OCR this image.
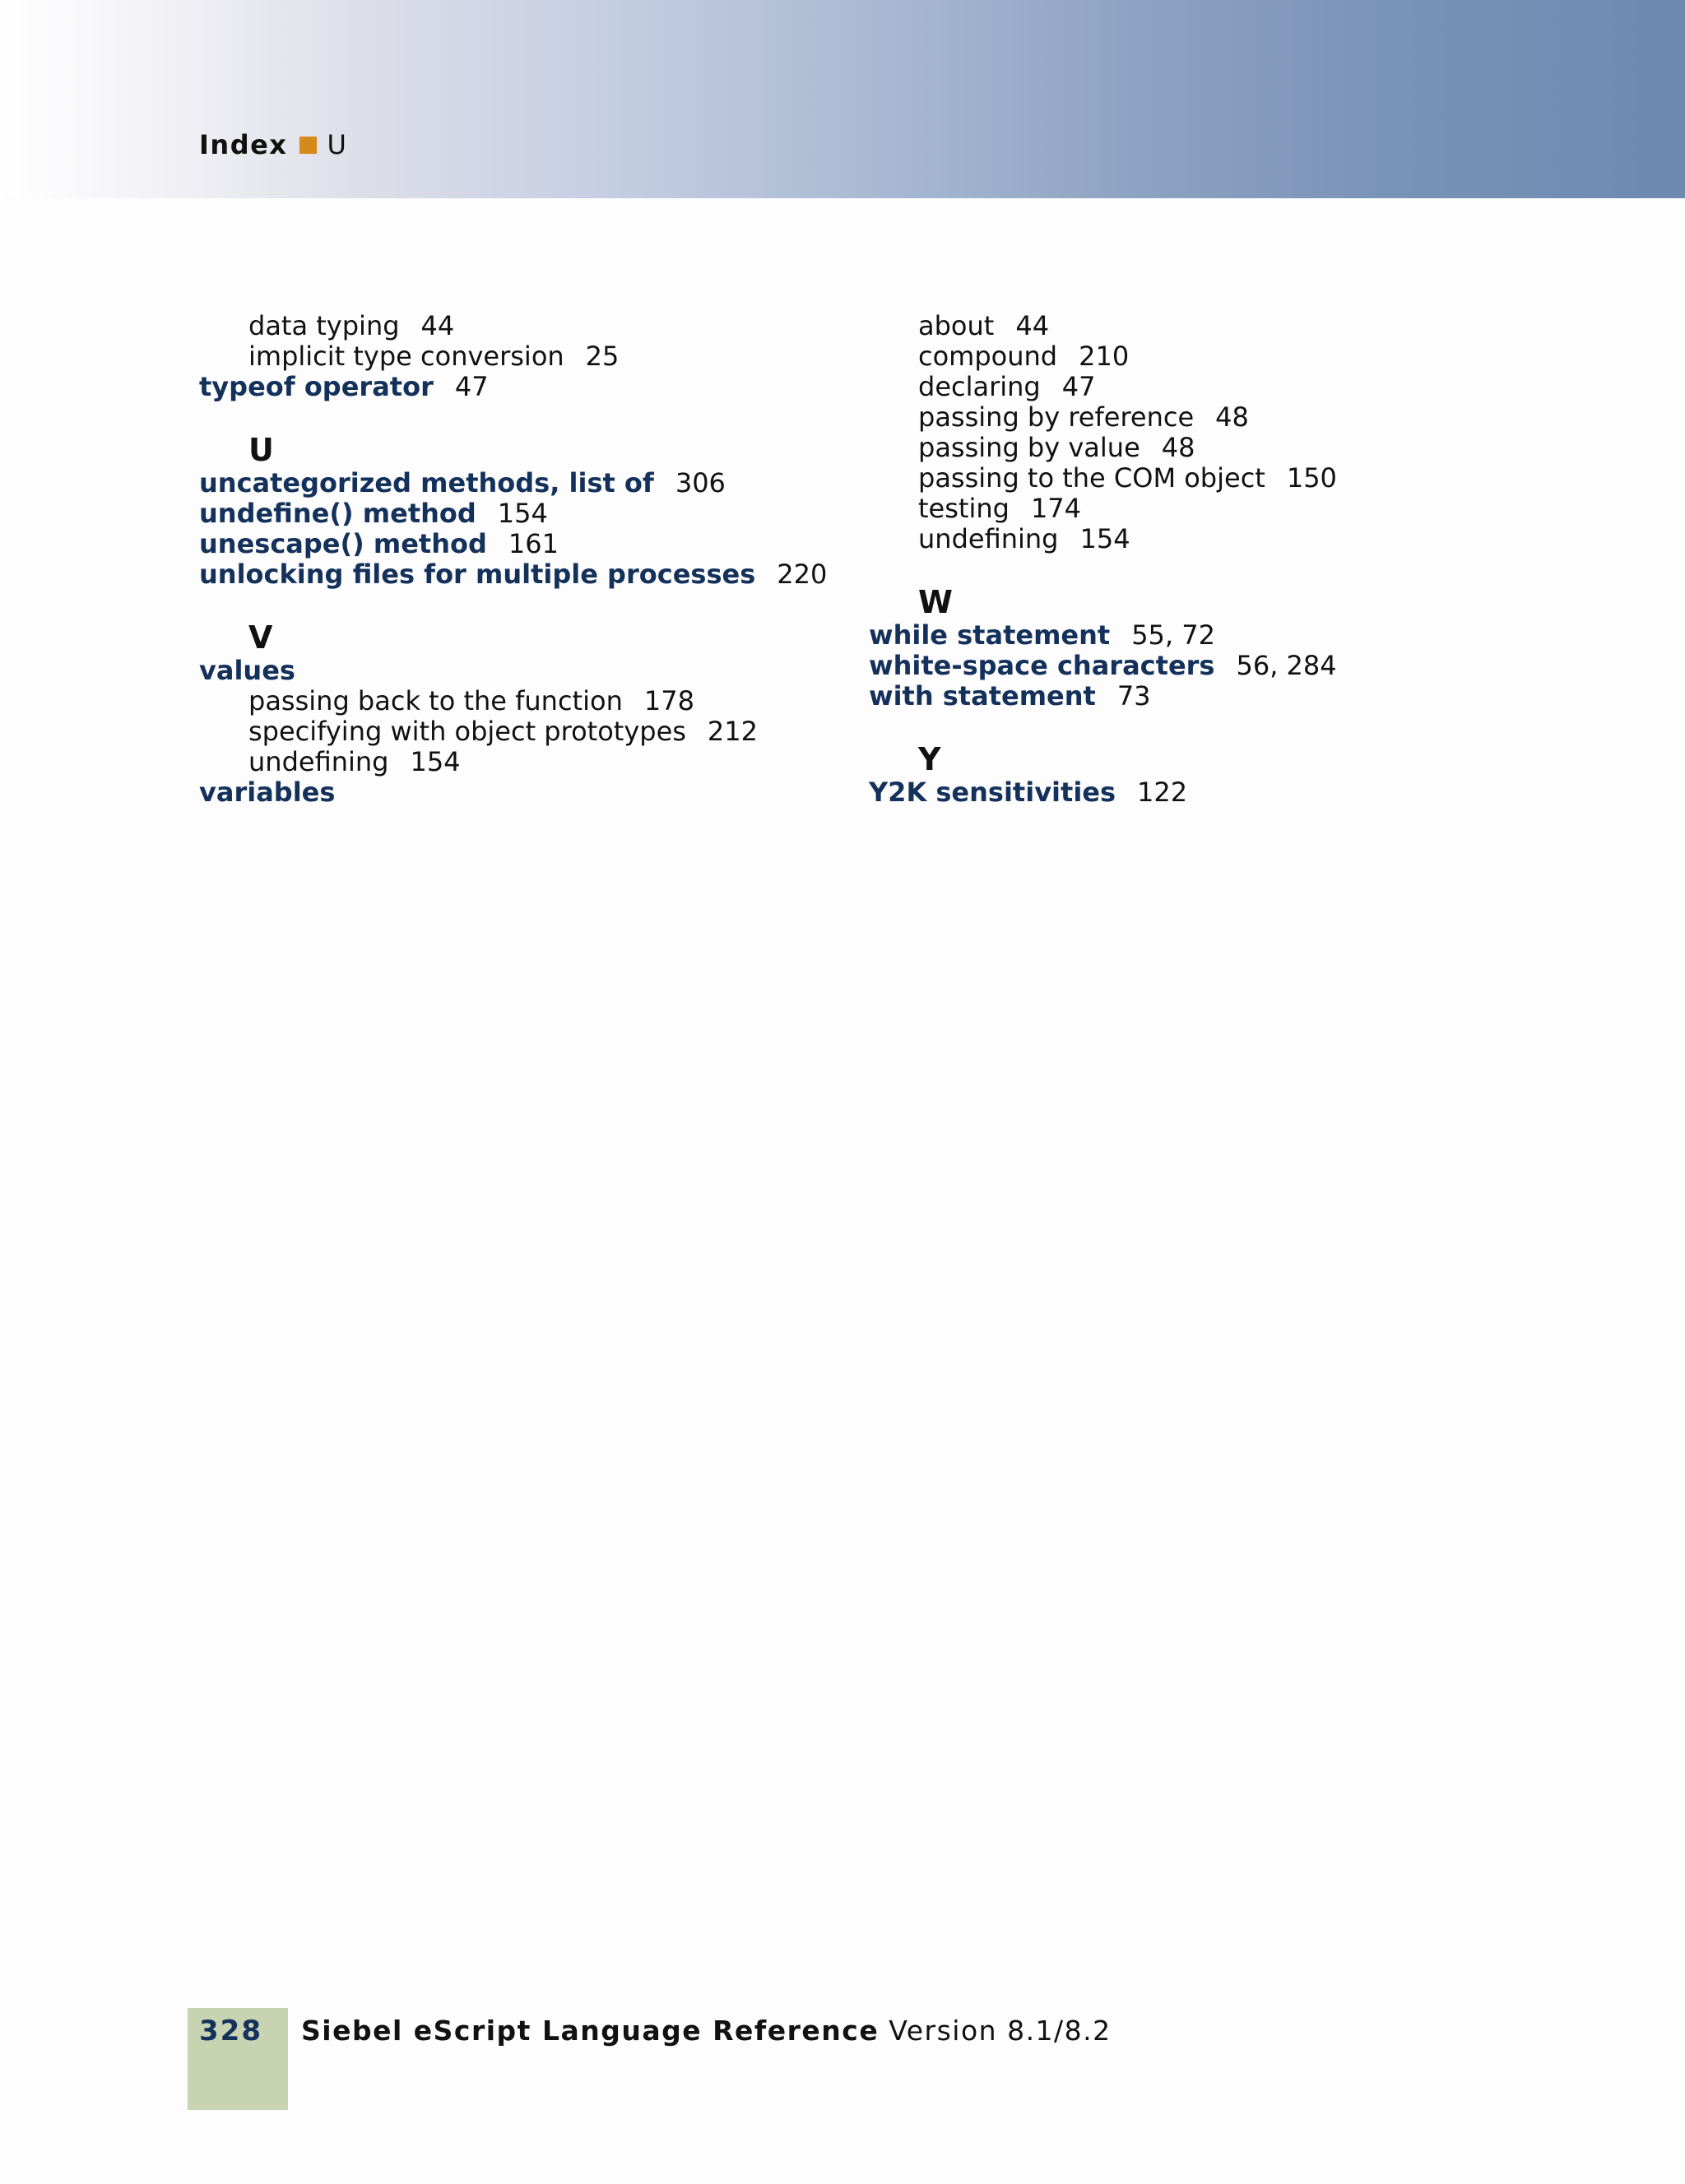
Index U
data typing 44
implicit type conversion 25
typeof operator 47
U
uncategorized methods, list of 306
undefine() method 154
unescape() method 161
unlocking files for multiple processes 220
V
values
passing back to the function 178
specifying with object prototypes 212
undefining 154
variables
about 44
compound 210
declaring 47
passing by reference 48
passing by value 48
passing to the COM object 150
testing 174
undefining 154
W
while statement 55, 72
white-space characters 56, 284
with statement 73
Y
Y2K sensitivities 122
328 Siebel eScript Language Reference Version 8.1/8.2
